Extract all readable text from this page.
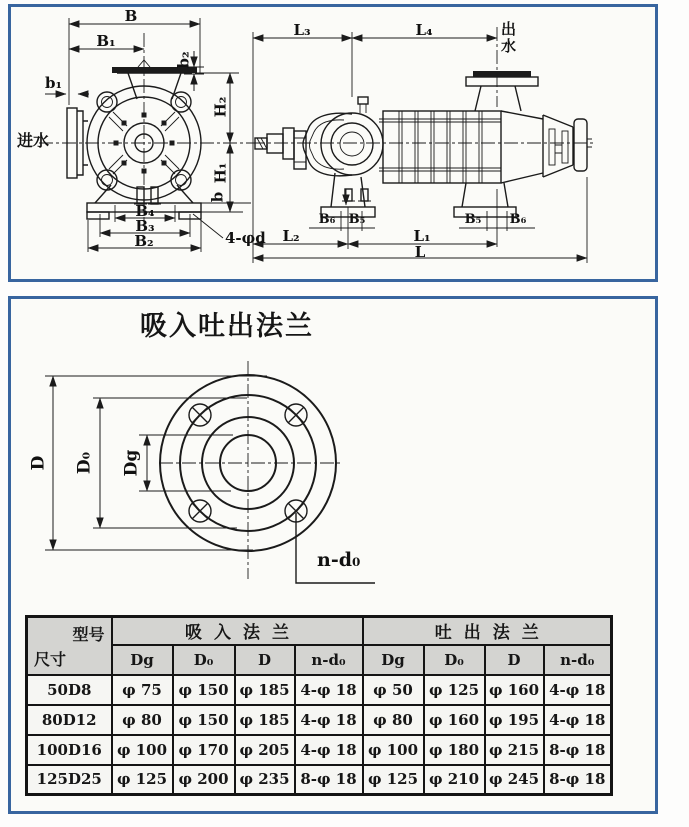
B
B₁
b₁
b₂
进水
H₂
H₁
b
B₄
B₃
B₂	4-φd
L₃	L₄	出水
B₆ B₅	B₅ B₆
L₂	L₁
L
吸入吐出法兰
D D₀ Dg
n-d₀
型号
尺寸	吸入法兰				吐出法兰			
	Dg	D₀	D	n-d₀	Dg	D₀	D	n-d₀
50D8	φ 75	φ 150	φ 185	4-φ 18	φ 50	φ 125	φ 160	4-φ 18
80D12	φ 80	φ 150	φ 185	4-φ 18	φ 80	φ 160	φ 195	4-φ 18
100D16	φ 100	φ 170	φ 205	4-φ 18	φ 100	φ 180	φ 215	8-φ 18
125D25	φ 125	φ 200	φ 235	8-φ 18	φ 125	φ 210	φ 245	8-φ 18
